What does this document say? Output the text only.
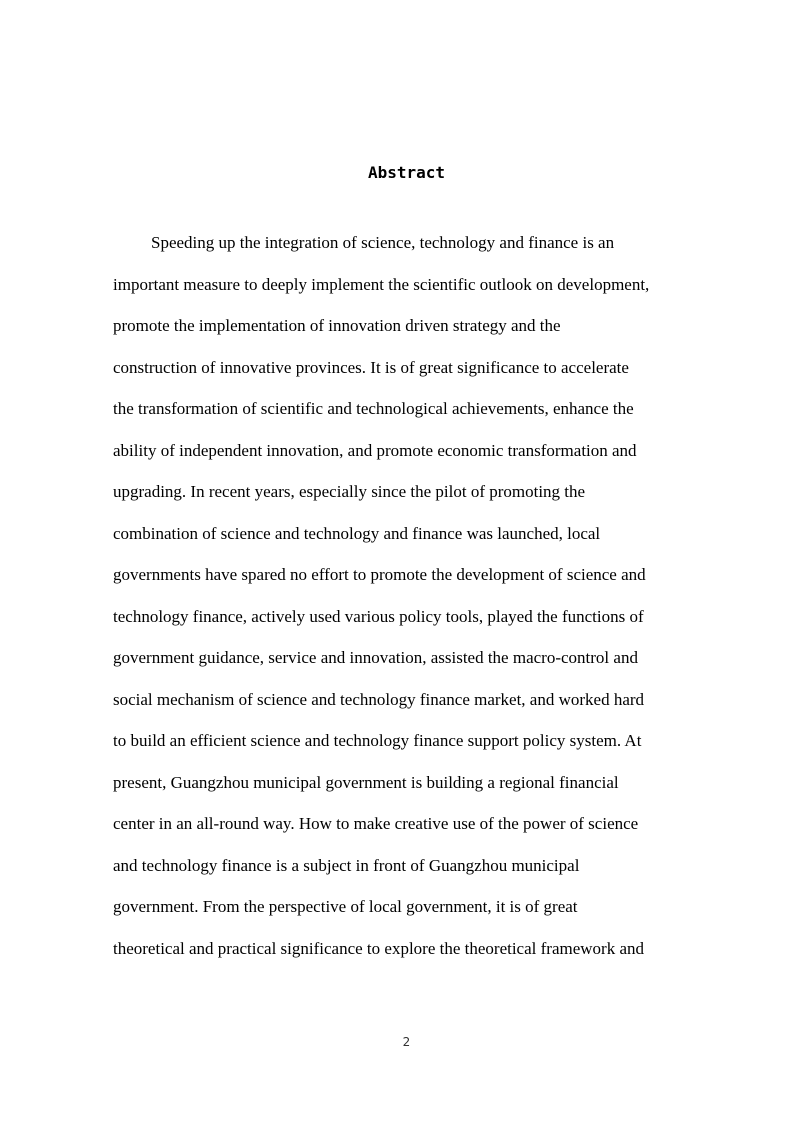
Abstract
Speeding up the integration of science, technology and finance is an
important measure to deeply implement the scientific outlook on development,
promote the implementation of innovation driven strategy and the
construction of innovative provinces. It is of great significance to accelerate
the transformation of scientific and technological achievements, enhance the
ability of independent innovation, and promote economic transformation and
upgrading. In recent years, especially since the pilot of promoting the
combination of science and technology and finance was launched, local
governments have spared no effort to promote the development of science and
technology finance, actively used various policy tools, played the functions of
government guidance, service and innovation, assisted the macro-control and
social mechanism of science and technology finance market, and worked hard
to build an efficient science and technology finance support policy system. At
present, Guangzhou municipal government is building a regional financial
center in an all-round way. How to make creative use of the power of science
and technology finance is a subject in front of Guangzhou municipal
government. From the perspective of local government, it is of great
theoretical and practical significance to explore the theoretical framework and
2
